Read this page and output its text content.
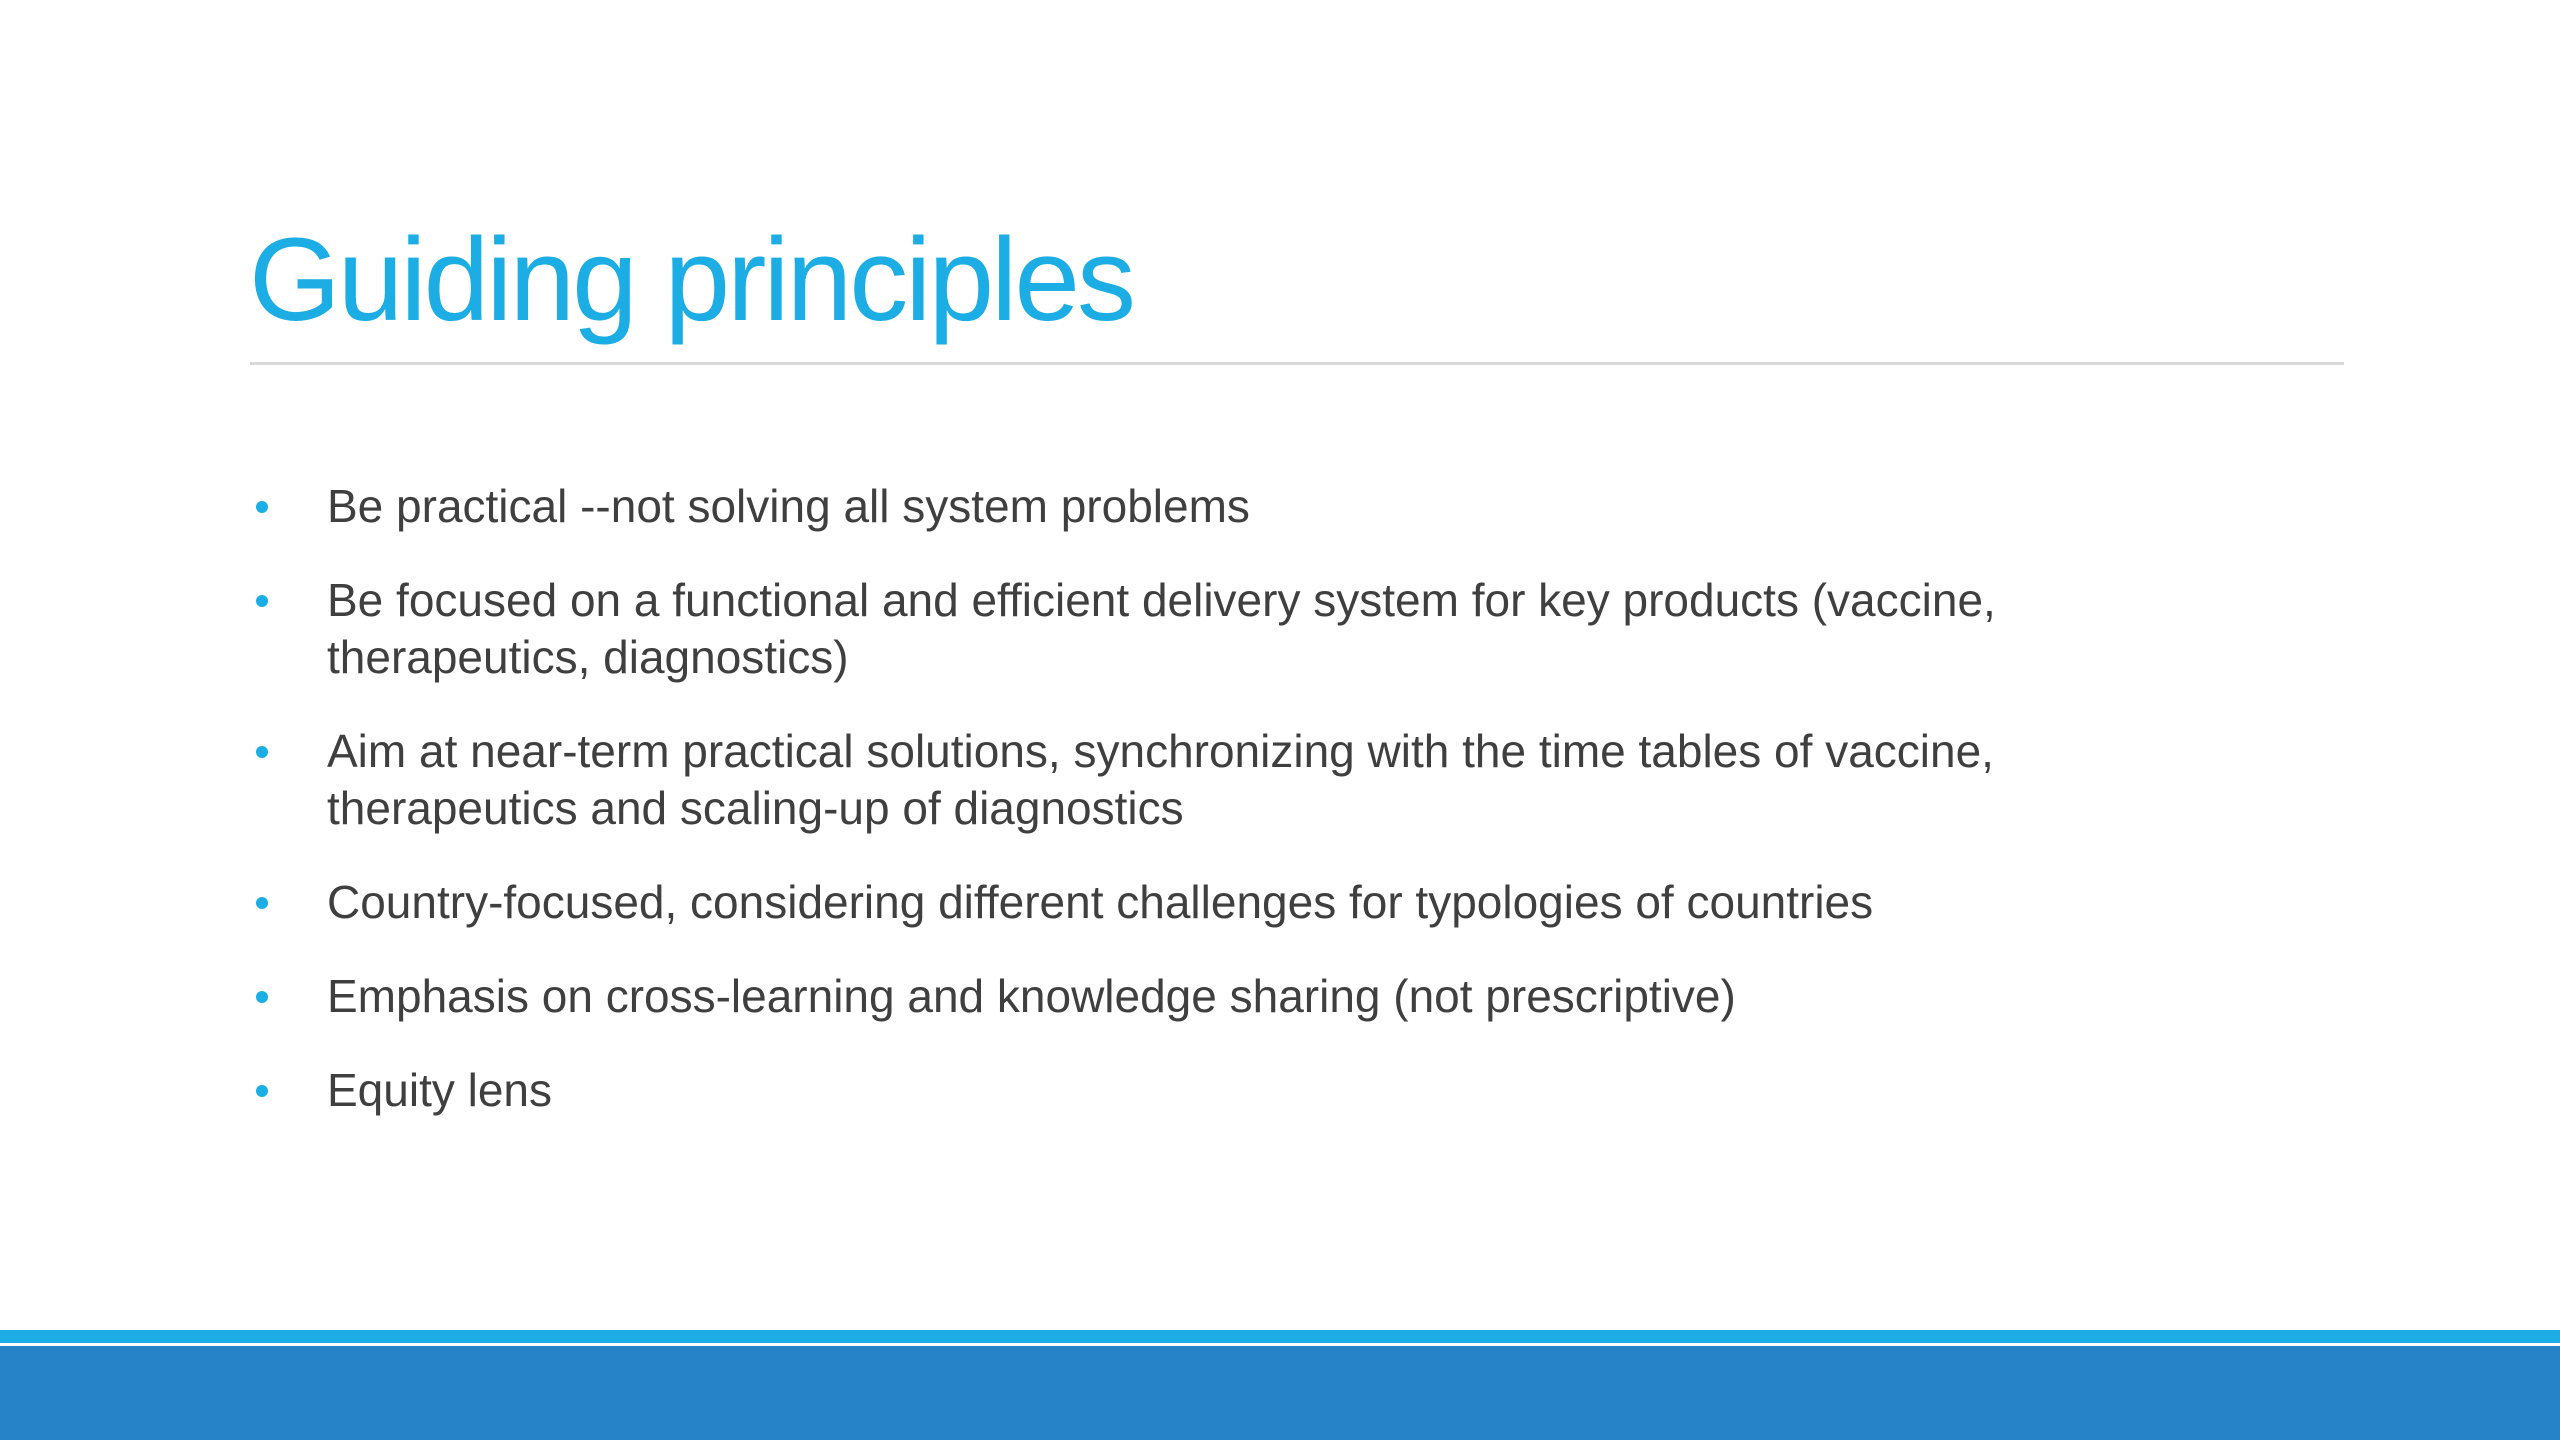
Guiding principles
Be practical --not solving all system problems
Be focused on a functional and efficient delivery system for key products (vaccine, therapeutics, diagnostics)
Aim at near-term practical solutions, synchronizing with the time tables of vaccine, therapeutics and scaling-up of diagnostics
Country-focused, considering different challenges for typologies of countries
Emphasis on cross-learning and knowledge sharing (not prescriptive)
Equity lens
